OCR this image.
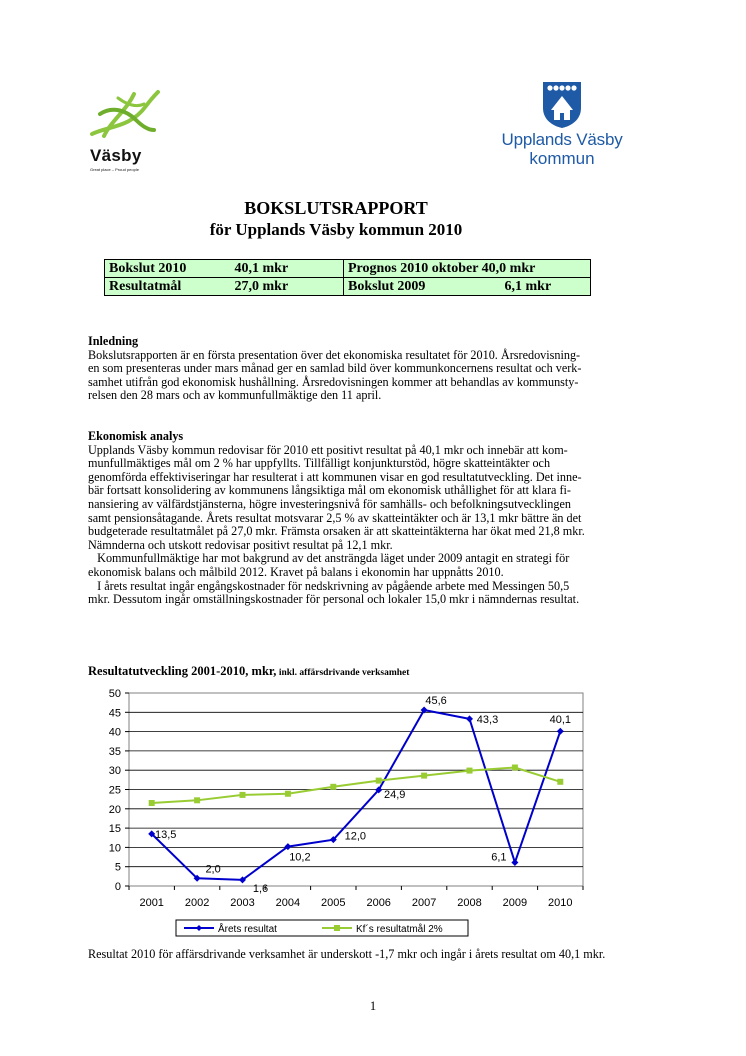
Väsby
Great place – Proud people
Upplands Väsby
kommun
BOKSLUTSRAPPORT
för Upplands Väsby kommun 2010
Bokslut 2010 40,1 mkr	Prognos 2010 oktober 40,0 mkr
Resultatmål 27,0 mkr	Bokslut 2009 6,1 mkr

Inledning

Bokslutsrapporten är en första presentation över det ekonomiska resultatet för 2010. Årsredovisning-

en som presenteras under mars månad ger en samlad bild över kommunkoncernens resultat och verk-

samhet utifrån god ekonomisk hushållning. Årsredovisningen kommer att behandlas av kommunsty-

relsen den 28 mars och av kommunfullmäktige den 11 april.

Ekonomisk analys

Upplands Väsby kommun redovisar för 2010 ett positivt resultat på 40,1 mkr och innebär att kom-

munfullmäktiges mål om 2 % har uppfyllts. Tillfälligt konjunkturstöd, högre skatteintäkter och

genomförda effektiviseringar har resulterat i att kommunen visar en god resultatutveckling. Det inne-

bär fortsatt konsolidering av kommunens långsiktiga mål om ekonomisk uthållighet för att klara fi-

nansiering av välfärdstjänsterna, högre investeringsnivå för samhälls- och befolkningsutvecklingen

samt pensionsåtagande. Årets resultat motsvarar 2,5 % av skatteintäkter och är 13,1 mkr bättre än det

budgeterade resultatmålet på 27,0 mkr. Främsta orsaken är att skatteintäkterna har ökat med 21,8 mkr.

Nämnderna och utskott redovisar positivt resultat på 12,1 mkr.

Kommunfullmäktige har mot bakgrund av det ansträngda läget under 2009 antagit en strategi för

ekonomisk balans och målbild 2012. Kravet på balans i ekonomin har uppnåtts 2010.

I årets resultat ingår engångskostnader för nedskrivning av pågående arbete med Messingen 50,5

mkr. Dessutom ingår omställningskostnader för personal och lokaler 15,0 mkr i nämndernas resultat.

Resultatutveckling 2001-2010, mkr, inkl. affärsdrivande verksamhet
0
5
10
15
20
25
30
35
40
45
50
2001 2002 2003 2004 2005 2006 2007 2008 2009 2010
13,5
2,0
1,6
10,2
12,0
24,9
45,6
43,3
6,1
40,1
Årets resultat	Kf´s resultatmål 2%
Resultat 2010 för affärsdrivande verksamhet är underskott -1,7 mkr och ingår i årets resultat om 40,1 mkr.
1
